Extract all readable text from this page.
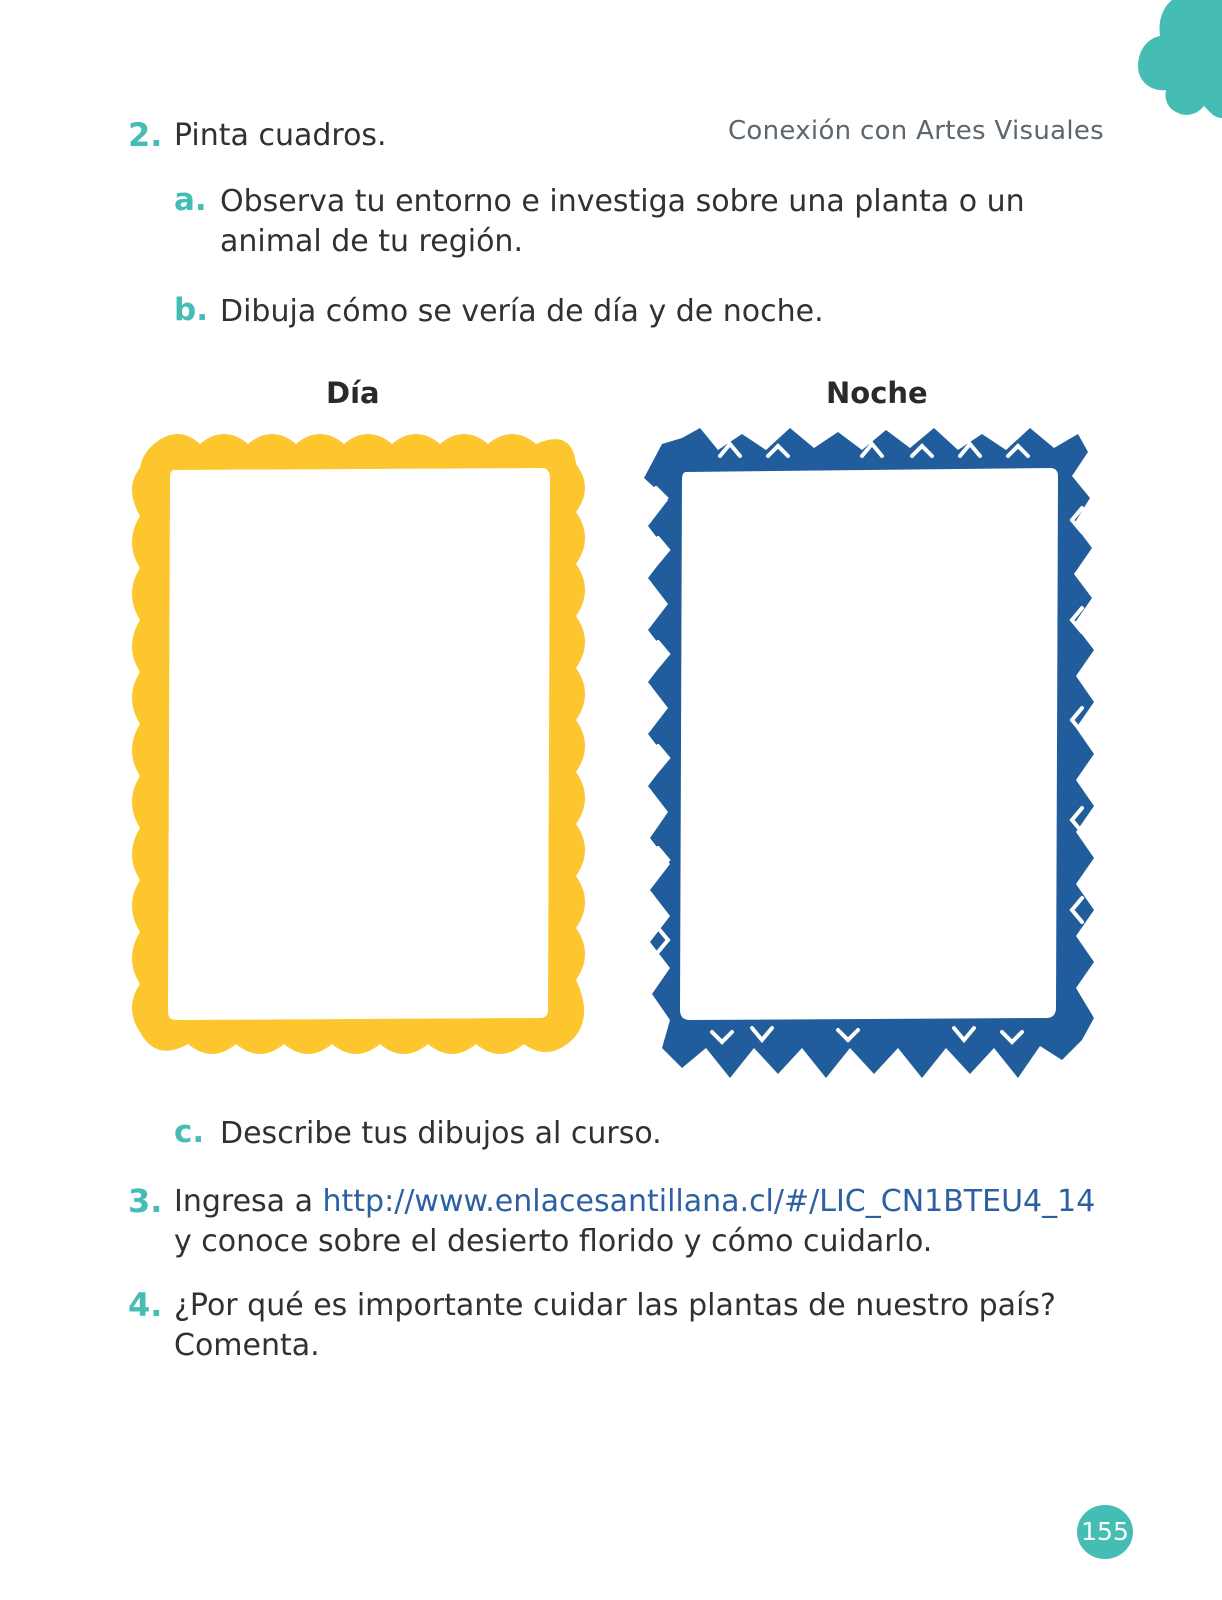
Conexión con Artes Visuales
2. Pinta cuadros.
a. Observa tu entorno e investiga sobre una planta o un
animal de tu región.
b. Dibuja cómo se vería de día y de noche.
Día	Noche
c. Describe tus dibujos al curso.
3. Ingresa a http://www.enlacesantillana.cl/#/LIC_CN1BTEU4_14
y conoce sobre el desierto florido y cómo cuidarlo.
4. ¿Por qué es importante cuidar las plantas de nuestro país?
Comenta.
155
